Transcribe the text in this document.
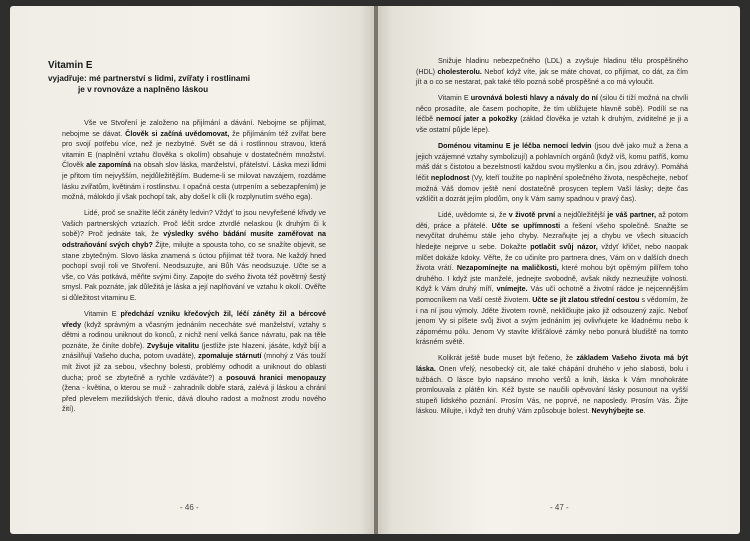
Vitamin E
vyjadřuje: mé partnerství s lidmi, zvířaty i rostlinami
je v rovnováze a naplněno láskou

Vše ve Stvoření je založeno na přijímání a dávání. Nebojme se přijímat, nebojme se dávat. Člověk si začíná uvědomovat, že přijímáním též zvířat bere pro svojí potřebu více, než je nezbytné. Svět se dá i rostlinnou stravou, která vitamin E (naplnění vztahu člověka s okolím) obsahuje v dostatečném množství. Člověk ale zapomíná na obsah slov láska, manželství, přátelství. Láska mezi lidmi je přitom tím nejvyšším, nejdůležitějším. Budeme-li se milovat navzájem, rozdáme lásku zvířatům, květinám i rostlinstvu. I opačná cesta (utrpením a sebezapřením) je možná, málokdo jí však pochopí tak, aby došel k cíli (k rozplynutím svého ega).

Lidé, proč se snažíte léčit záněty ledvin? Vždyť to jsou nevyřešené křivdy ve Vašich partnerských vztazích. Proč léčit srdce ztvrdlé nelaskou (k druhým či k sobě)? Proč jednáte tak, že výsledky svého bádání musíte zaměřovat na odstraňování svých chyb? Žijte, milujte a spousta toho, co se snažíte objevit, se stane zbytečným. Slovo láska znamená s úctou přijímat též tvora. Ne každý hned pochopí svojí roli ve Stvoření. Neodsuzujte, ani Bůh Vás neodsuzuje. Učte se a vše, co Vás potkává, měňte svými činy. Zapojte do svého života též povětrný šestý smysl. Pak poznáte, jak důležitá je láska a její naplňování ve vztahu k okolí. Ověřte si důležitost vitaminu E.

Vitamin E předchází vzniku křečových žil, léčí záněty žil a bércové vředy (když správným a včasným jednáním nececháte své manželství, vztahy s dětmi a rodinou uniknout do konců, z nichž není velká šance návratu, pak na těle poznáte, že činíte dobře). Zvyšuje vitalitu (jestliže jste hlazeni, jásáte, když bíjí a znásilňují Vašeho ducha, potom uvadáte), zpomaluje stárnutí (mnohý z Vás touží mít život již za sebou, všechny bolesti, problémy odhodit a uniknout do oblasti ducha; proč se zbytečně a rychle vzdáváte?) a posouvá hranici menopauzy (žena - květina, o kterou se muž - zahradník dobře stará, zalévá ji láskou a chrání před plevelem mezilidských třenic, dává dlouho radost a možnost zrodu nového žití).

- 46 -

Snižuje hladinu nebezpečného (LDL) a zvyšuje hladinu tělu prospěšného (HDL) cholesterolu. Neboť když víte, jak se máte chovat, co přijímat, co dát, za čím jít a o co se nestarat, pak také tělo pozná sobě prospěšné a co má vyloučit.

Vitamin E urovnává bolesti hlavy a návaly do ní (silou či tíží možná na chvíli něco prosadíte, ale časem pochopíte, že tím ubližujete hlavně sobě). Podílí se na léčbě nemocí jater a pokožky (základ člověka je vztah k druhým, zviditelné je ji a vše ostatní půjde lépe).

Doménou vitaminu E je léčba nemocí ledvin (jsou dvě jako muž a žena a jejich vzájemné vztahy symbolizují) a pohlavních orgánů (když víš, komu patříš, komu máš dát s čistotou a bezelstností každou svou myšlenku a čin, jsou zdrávy). Pomáhá léčit neplodnost (Vy, kteří toužíte po naplnění společného života, nespěchejte, neboť možná Váš domov ještě není dostatečně prosycen teplem Vaší lásky; dejte čas vzklíčit a dozrát jejím plodům, ony k Vám samy spadnou v pravý čas).

Lidé, uvědomte si, že v životě první a nejdůležitější je váš partner, až potom děti, práce a přátelé. Učte se upřímnosti a řešení všeho společně. Snažte se nevyčítat druhému stále jeho chyby. Nezraňujte jej a chybu ve všech situacích hledejte nejprve u sebe. Dokažte potlačit svůj názor, vždyť křičet, nebo naopak mlčet dokáže kdoky. Věřte, že co učiníte pro partnera dnes, Vám on v dalších dnech života vrátí. Nezapomínejte na maličkosti, které mohou být opěrným pilířem toho druhého. I když jste manželé, jednejte svobodně, avšak nikdy nezneužijte volnosti. Když k Vám druhý míří, vnímejte. Vás učí ochotně a životní rádce je nejcennějším pomocníkem na Vaší cestě životem. Učte se jít zlatou střední cestou s vědomím, že i na ní jsou výmoly. Jděte životem rovně, nekličkujte jako již odsouzený zajíc. Neboť jenom Vy si píšete svůj život a svým jednáním jej ovlivňujete ke kladnému nebo k zápornému pólu. Jenom Vy stavíte křišťálové zámky nebo ponurá bludiště na tomto krásném světě.

Kolikrát ještě bude muset být řečeno, že základem Vašeho života má být láska. Onen vřelý, nesobecký cit, ale také chápání druhého v jeho slabosti, bolu i tužbách. O lásce bylo napsáno mnoho veršů a knih, láska k Vám mnohokráte promlouvala z plátěn kin. Kéž byste se naučili opěvování lásky posunout na vyšší stupeň lidského poznání. Prosím Vás, ne poprvé, ne naposledy. Prosím Vás. Žijte láskou. Milujte, i když ten druhý Vám způsobuje bolest. Nevyhýbejte se.

- 47 -
